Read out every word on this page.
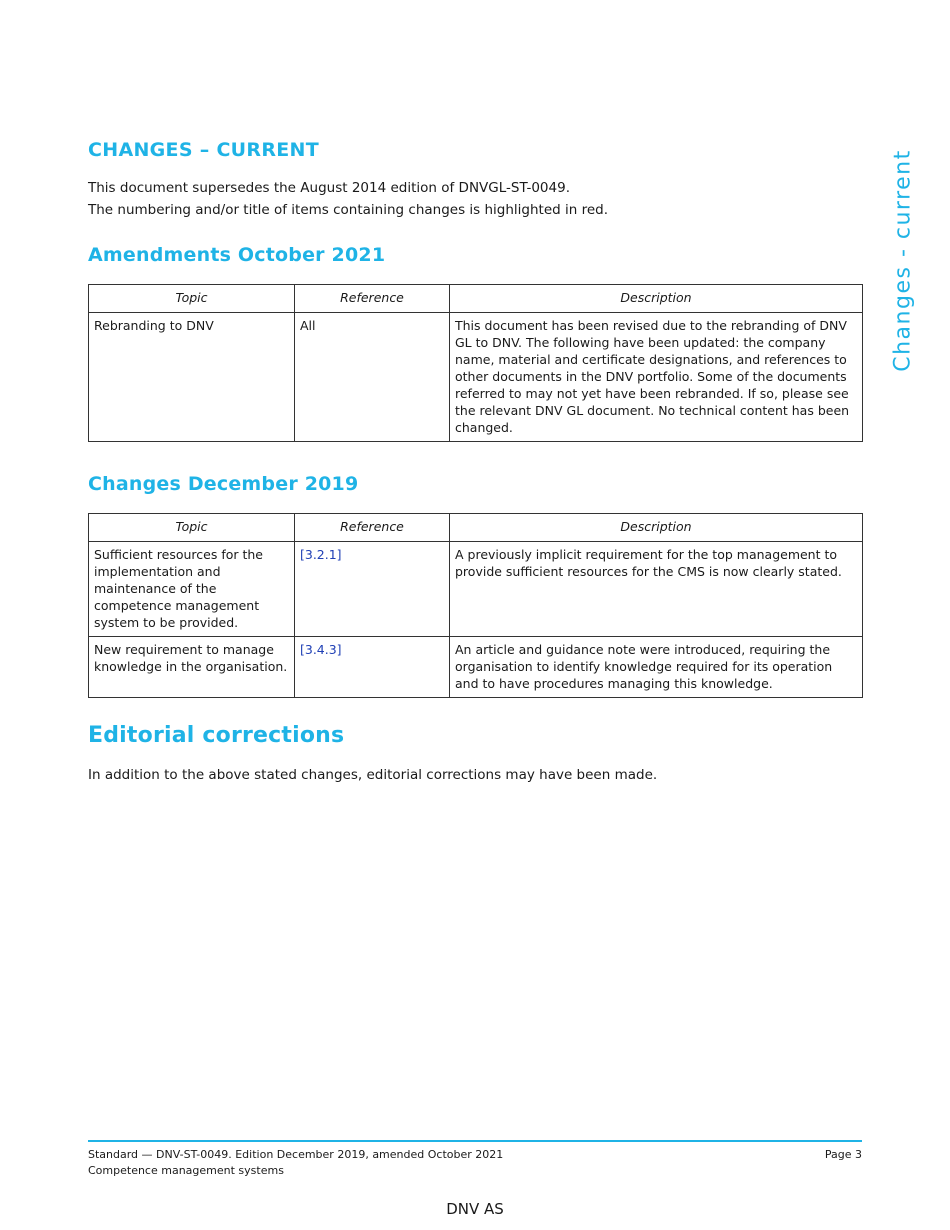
Changes - current
CHANGES – CURRENT
This document supersedes the August 2014 edition of DNVGL-ST-0049.
The numbering and/or title of items containing changes is highlighted in red.
Amendments October 2021
Topic	Reference	Description
Rebranding to DNV	All	This document has been revised due to the rebranding of DNV GL to DNV. The following have been updated: the company name, material and certificate designations, and references to other documents in the DNV portfolio. Some of the documents referred to may not yet have been rebranded. If so, please see the relevant DNV GL document. No technical content has been changed.
Changes December 2019
Topic	Reference	Description
Sufficient resources for the implementation and maintenance of the competence management system to be provided.	[3.2.1]	A previously implicit requirement for the top management to provide sufficient resources for the CMS is now clearly stated.
New requirement to manage knowledge in the organisation.	[3.4.3]	An article and guidance note were introduced, requiring the organisation to identify knowledge required for its operation and to have procedures managing this knowledge.
Editorial corrections
In addition to the above stated changes, editorial corrections may have been made.
Standard — DNV-ST-0049. Edition December 2019, amended October 2021	Page 3
Competence management systems
DNV AS
